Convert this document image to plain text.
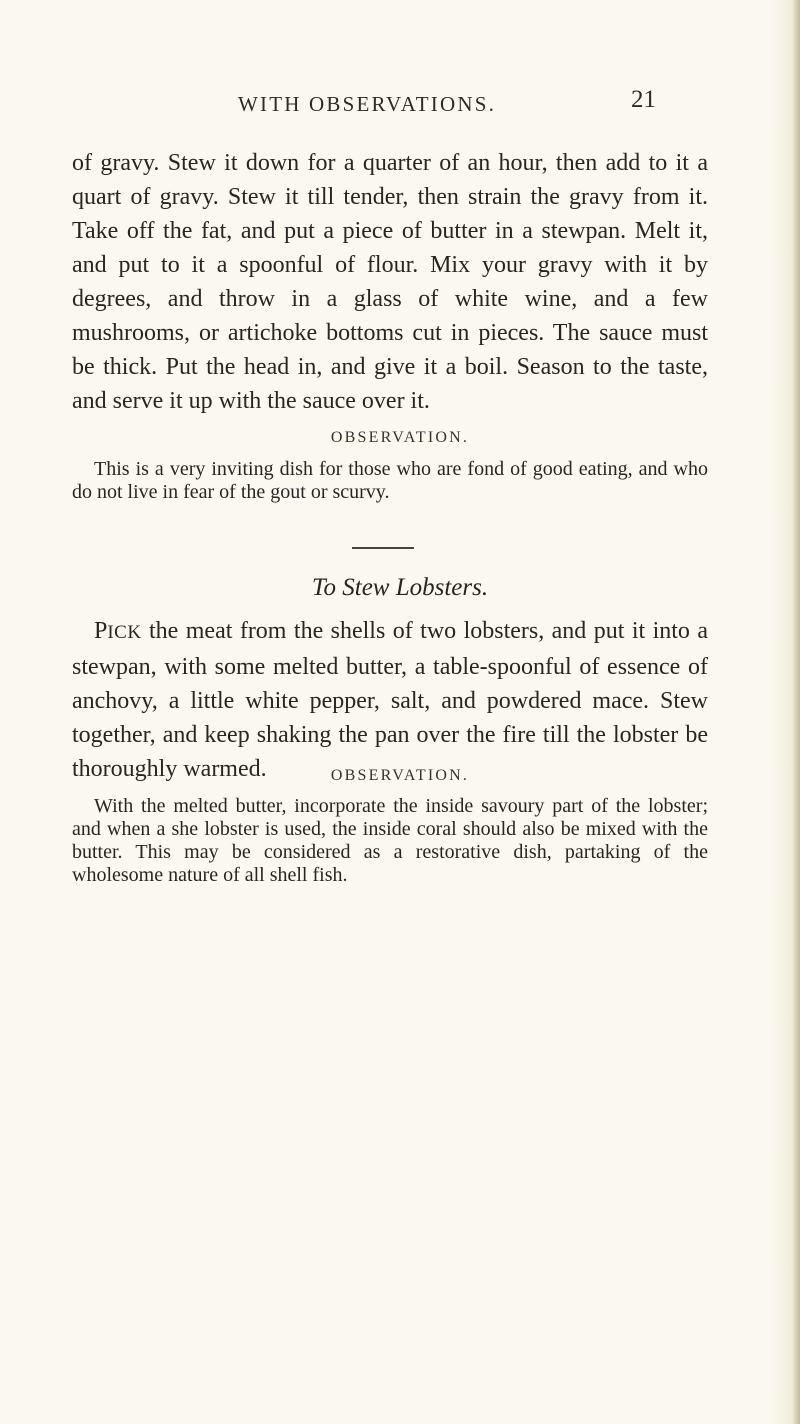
WITH OBSERVATIONS.	21

of gravy. Stew it down for a quarter of an hour, then add to it a quart of gravy. Stew it till tender, then strain the gravy from it. Take off the fat, and put a piece of butter in a stewpan. Melt it, and put to it a spoonful of flour. Mix your gravy with it by degrees, and throw in a glass of white wine, and a few mushrooms, or artichoke bottoms cut in pieces. The sauce must be thick. Put the head in, and give it a boil. Season to the taste, and serve it up with the sauce over it.

OBSERVATION.

This is a very inviting dish for those who are fond of good eating, and who do not live in fear of the gout or scurvy.

To Stew Lobsters.

PICK the meat from the shells of two lobsters, and put it into a stewpan, with some melted butter, a table-spoonful of essence of anchovy, a little white pepper, salt, and powdered mace. Stew together, and keep shaking the pan over the fire till the lobster be thoroughly warmed.	OBSERVATION.

With the melted butter, incorporate the inside savoury part of the lobster; and when a she lobster is used, the inside coral should also be mixed with the butter. This may be considered as a restorative dish, partaking of the wholesome nature of all shell fish.
